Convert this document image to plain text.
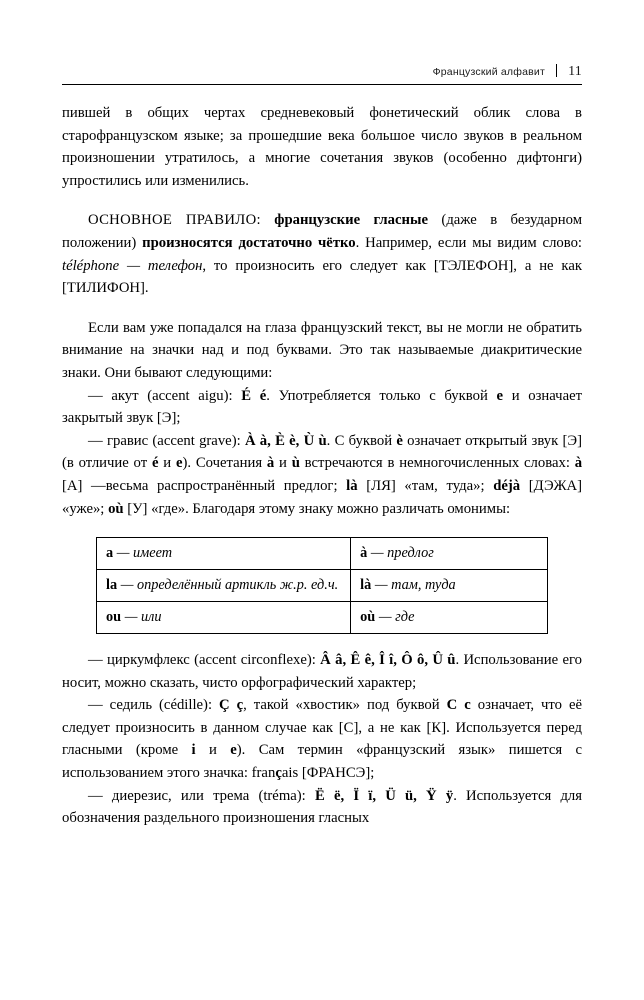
Французский алфавит 11

пившей в общих чертах средневековый фонетический облик слова в старофранцузском языке; за прошедшие века большое число звуков в реальном произношении утратилось, а многие сочетания звуков (особенно дифтонги) упростились или изменились.

ОСНОВНОЕ ПРАВИЛО: французские гласные (даже в безударном положении) произносятся достаточно чётко. Например, если мы видим слово: téléphone — телефон, то произносить его следует как [ТЭЛЕФОН], а не как [ТИЛИФОН].

Если вам уже попадался на глаза французский текст, вы не могли не обратить внимание на значки над и под буквами. Это так называемые диакритические знаки. Они бывают следующими:

— акут (accent aigu): É é. Употребляется только с буквой e и означает закрытый звук [Э];

— гравис (accent grave): À à, È è, Ù ù. С буквой è означает открытый звук [Э] (в отличие от é и e). Сочетания à и ù встречаются в немногочисленных словах: à [А] —весьма распространённый предлог; là [ЛЯ] «там, туда»; déjà [ДЭЖА] «уже»; où [У] «где». Благодаря этому знаку можно различать омонимы:

a — имеет	à — предлог
la — определённый артикль ж.р. ед.ч.	là — там, туда
ou — или	où — где

— циркумфлекс (accent circonflexe): Â â, Ê ê, Î î, Ô ô, Û û. Использование его носит, можно сказать, чисто орфографический характер;

— седиль (cédille): Ç ç, такой «хвостик» под буквой C c означает, что её следует произносить в данном случае как [С], а не как [К]. Используется перед гласными (кроме i и e). Сам термин «французский язык» пишется с использованием этого значка: français [ФРАНСЭ];

— диерезис, или трема (tréma): Ë ë, Ï ï, Ü ü, Ÿ ÿ. Используется для обозначения раздельного произношения гласных
